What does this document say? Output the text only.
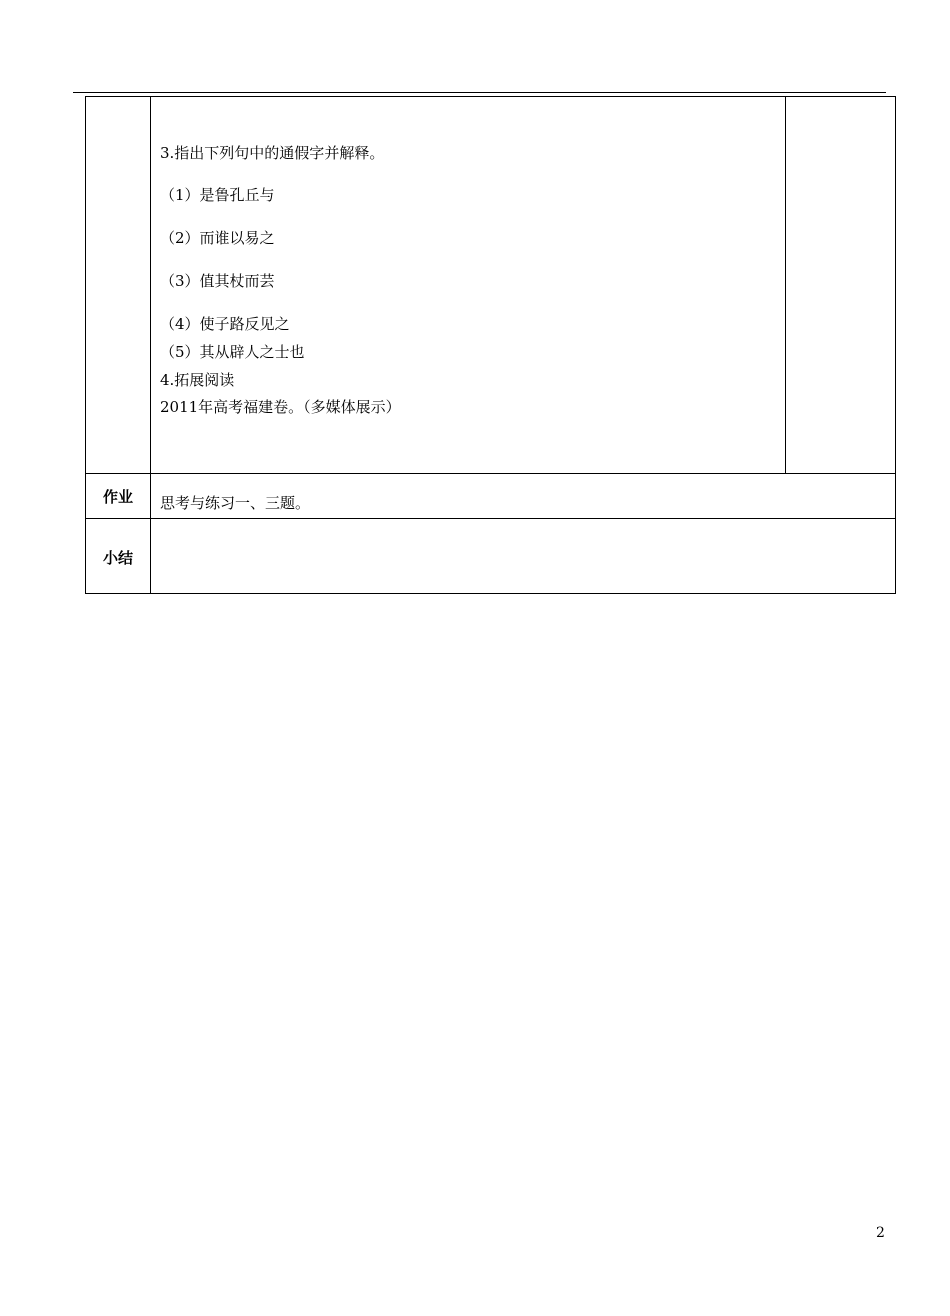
3.指出下列句中的通假字并解释。
（1）是鲁孔丘与
（2）而谁以易之
（3）值其杖而芸
（4）使子路反见之
（5）其从辟人之士也
4.拓展阅读
2011年高考福建卷。（多媒体展示）
作业	思考与练习一、三题。
小结
2
